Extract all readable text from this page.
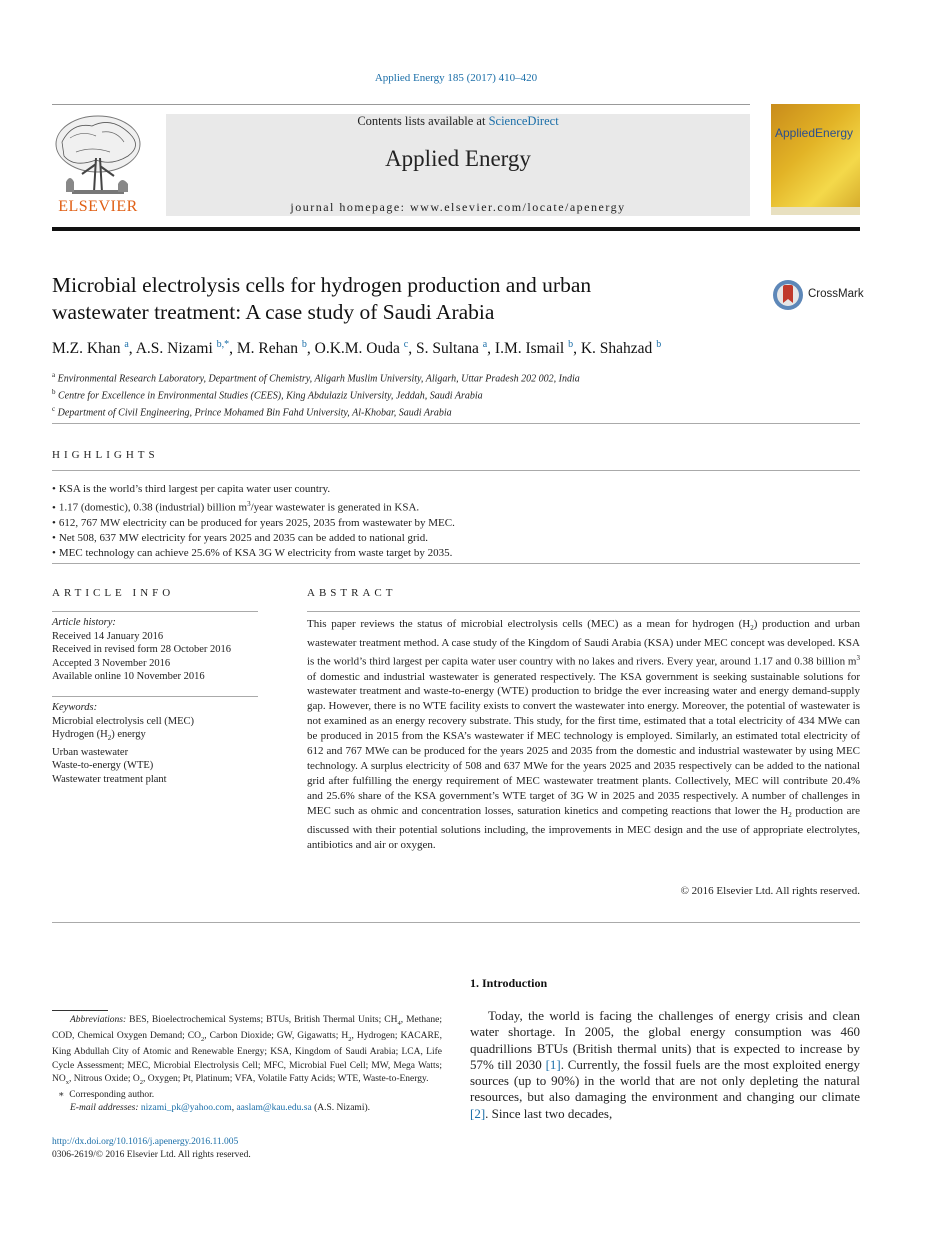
Applied Energy 185 (2017) 410–420
ELSEVIER
Contents lists available at ScienceDirect
Applied Energy
journal homepage: www.elsevier.com/locate/apenergy
AppliedEnergy
Microbial electrolysis cells for hydrogen production and urban
wastewater treatment: A case study of Saudi Arabia
CrossMark
M.Z. Khan $^a$, A.S. Nizami $^{b,*}$, M. Rehan $^b$, O.K.M. Ouda $^c$, S. Sultana $^a$, I.M. Ismail $^b$, K. Shahzad $^b$
$^a$ Environmental Research Laboratory, Department of Chemistry, Aligarh Muslim University, Aligarh, Uttar Pradesh 202 002, India
$^b$ Centre for Excellence in Environmental Studies (CEES), King Abdulaziz University, Jeddah, Saudi Arabia
$^c$ Department of Civil Engineering, Prince Mohamed Bin Fahd University, Al-Khobar, Saudi Arabia
HIGHLIGHTS
• KSA is the world’s third largest per capita water user country.
• 1.17 (domestic), 0.38 (industrial) billion $m^3$/year wastewater is generated in KSA.
• 612, 767 MW electricity can be produced for years 2025, 2035 from wastewater by MEC.
• Net 508, 637 MW electricity for years 2025 and 2035 can be added to national grid.
• MEC technology can achieve 25.6% of KSA 3G W electricity from waste target by 2035.
ARTICLE INFO
Article history:
Received 14 January 2016
Received in revised form 28 October 2016
Accepted 3 November 2016
Available online 10 November 2016
Keywords:
Microbial electrolysis cell (MEC)
Hydrogen $(H_2)$ energy
Urban wastewater
Waste-to-energy (WTE)
Wastewater treatment plant
ABSTRACT
This paper reviews the status of microbial electrolysis cells (MEC) as a mean for hydrogen $(H_2)$ production and urban wastewater treatment method. A case study of the Kingdom of Saudi Arabia (KSA) under MEC concept was developed. KSA is the world’s third largest per capita water user country with no lakes and rivers. Every year, around 1.17 and 0.38 billion $m^3$ of domestic and industrial wastewater is generated respectively. The KSA government is seeking sustainable solutions for wastewater treatment and waste-to-energy (WTE) production to bridge the ever increasing water and energy demand-supply gap. However, there is no WTE facility exists to convert the wastewater into energy. Moreover, the potential of wastewater is not examined as an energy recovery substrate. This study, for the first time, estimated that a total electricity of 434 MWe can be produced in 2015 from the KSA’s wastewater if MEC technology is employed. Similarly, an estimated total electricity of 612 and 767 MWe can be produced for the years 2025 and 2035 from the domestic and industrial wastewater by using MEC technology. A surplus electricity of 508 and 637 MWe for the years 2025 and 2035 respectively can be added to the national grid after fulfilling the energy requirement of MEC wastewater treatment plants. Collectively, MEC will contribute 20.4% and 25.6% share of the KSA government’s WTE target of 3G W in 2025 and 2035 respectively. A number of challenges in MEC such as ohmic and concentration losses, saturation kinetics and competing reactions that lower the $H_2$ production are discussed with their potential solutions including, the improvements in MEC design and the use of appropriate electrolytes, antibiotics and air or oxygen.
© 2016 Elsevier Ltd. All rights reserved.
1. Introduction
Today, the world is facing the challenges of energy crisis and clean water shortage. In 2005, the global energy consumption was 460 quadrillions BTUs (British thermal units) that is expected to increase by 57% till 2030 [1]. Currently, the fossil fuels are the most exploited energy sources (up to 90%) in the world that are not only depleting the natural resources, but also damaging the environment and changing our climate [2]. Since last two decades,
Abbreviations: BES, Bioelectrochemical Systems; BTUs, British Thermal Units; $CH_4$, Methane; COD, Chemical Oxygen Demand; $CO_2$, Carbon Dioxide; GW, Gigawatts; $H_2$, Hydrogen; KACARE, King Abdullah City of Atomic and Renewable Energy; KSA, Kingdom of Saudi Arabia; LCA, Life Cycle Assessment; MEC, Microbial Electrolysis Cell; MFC, Microbial Fuel Cell; MW, Mega Watts; $NO_x$, Nitrous Oxide; $O_2$, Oxygen; Pt, Platinum; VFA, Volatile Fatty Acids; WTE, Waste-to-Energy.
∗ Corresponding author.
E-mail addresses: nizami_pk@yahoo.com, aaslam@kau.edu.sa (A.S. Nizami).
http://dx.doi.org/10.1016/j.apenergy.2016.11.005
0306-2619/© 2016 Elsevier Ltd. All rights reserved.
